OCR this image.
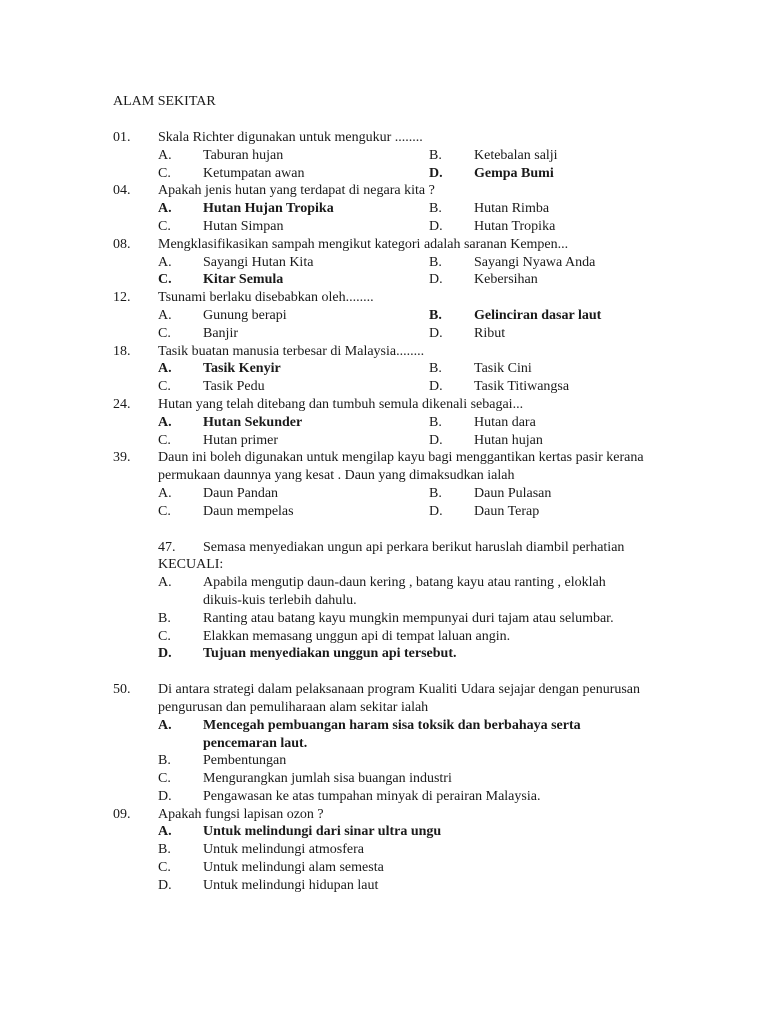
ALAM SEKITAR
01.	Skala Richter digunakan untuk mengukur ........
A.	Taburan hujan	B.	Ketebalan salji
C.	Ketumpatan awan	D.	Gempa Bumi
04.	Apakah jenis hutan yang terdapat di negara kita ?
A.	Hutan Hujan Tropika	B.	Hutan Rimba
C.	Hutan Simpan	D.	Hutan Tropika
08.	Mengklasifikasikan sampah mengikut kategori adalah saranan Kempen...
A.	Sayangi Hutan Kita	B.	Sayangi Nyawa Anda
C.	Kitar Semula	D.	Kebersihan
12.	Tsunami berlaku disebabkan oleh........
A.	Gunung berapi	B.	Gelinciran dasar laut
C.	Banjir	D.	Ribut
18.	Tasik buatan manusia terbesar di Malaysia........
A.	Tasik Kenyir	B.	Tasik Cini
C.	Tasik Pedu	D.	Tasik Titiwangsa
24.	Hutan yang telah ditebang dan tumbuh semula dikenali sebagai...
A.	Hutan Sekunder	B.	Hutan dara
C.	Hutan primer	D.	Hutan hujan
39.	Daun ini boleh digunakan untuk mengilap kayu bagi menggantikan kertas pasir kerana permukaan daunnya yang kesat . Daun yang dimaksudkan ialah
A.	Daun Pandan	B.	Daun Pulasan
C.	Daun mempelas	D.	Daun Terap
47. Semasa menyediakan ungun api perkara berikut haruslah diambil perhatian KECUALI:
A.	Apabila mengutip daun-daun kering , batang kayu atau ranting , eloklah dikuis-kuis terlebih dahulu.
B.	Ranting atau batang kayu mungkin mempunyai duri tajam atau selumbar.
C.	Elakkan memasang unggun api di tempat laluan angin.
D.	Tujuan menyediakan unggun api tersebut.
50.	Di antara strategi dalam pelaksanaan program Kualiti Udara sejajar dengan penurusan pengurusan dan pemuliharaan alam sekitar ialah
A.	Mencegah pembuangan haram sisa toksik dan berbahaya serta pencemaran laut.
B.	Pembentungan
C.	Mengurangkan jumlah sisa buangan industri
D.	Pengawasan ke atas tumpahan minyak di perairan Malaysia.
09.	Apakah fungsi lapisan ozon ?
A.	Untuk melindungi dari sinar ultra ungu
B.	Untuk melindungi atmosfera
C.	Untuk melindungi alam semesta
D.	Untuk melindungi hidupan laut
